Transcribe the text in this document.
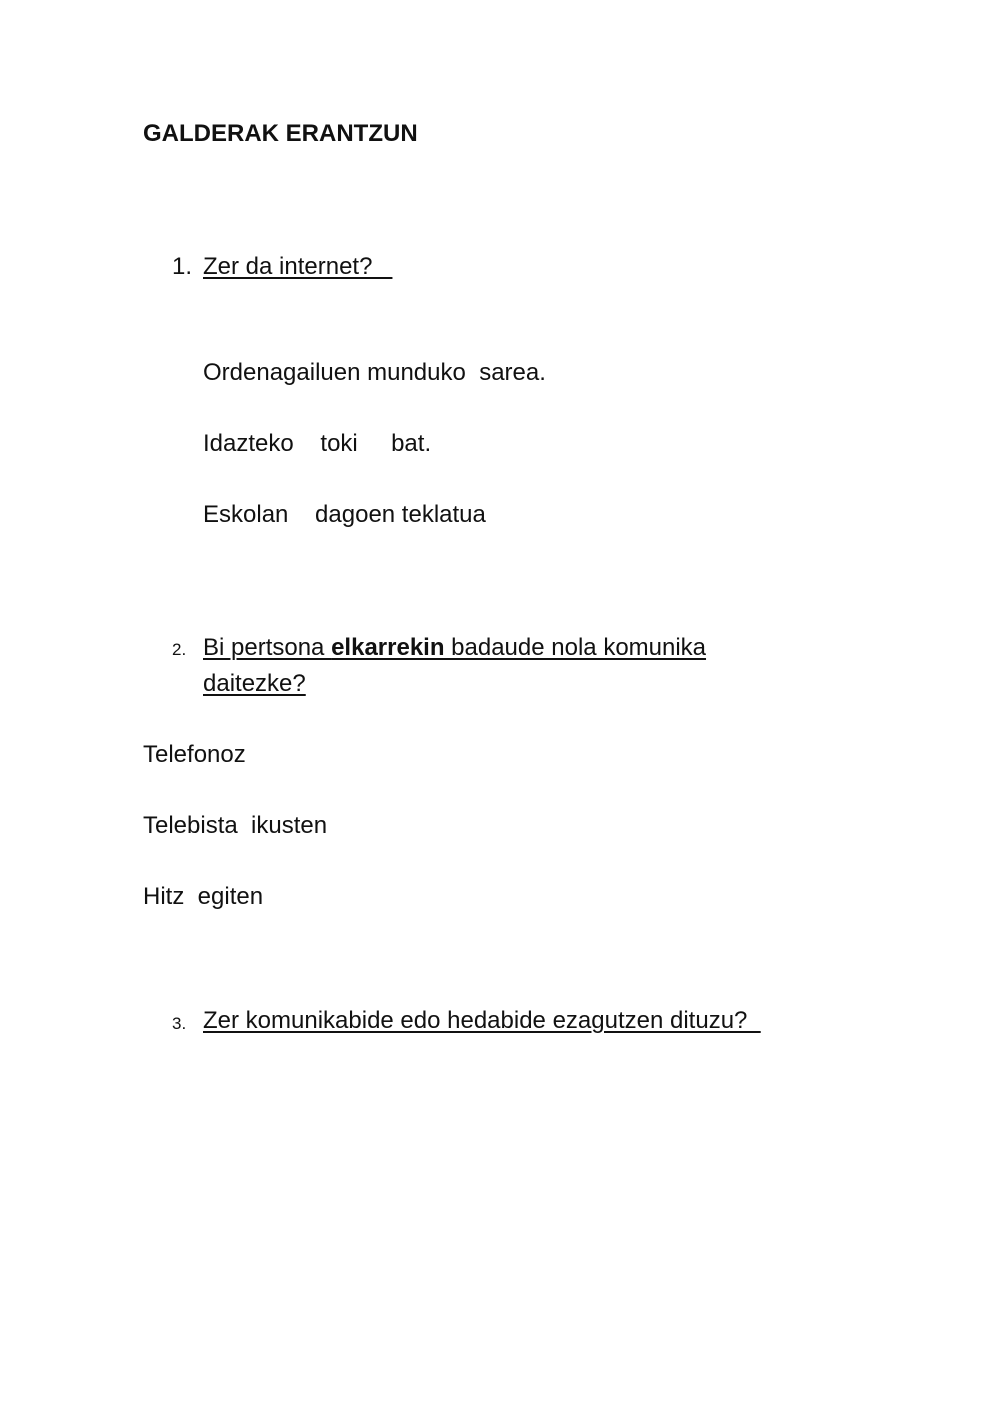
GALDERAK ERANTZUN
1. Zer da internet?_
Ordenagailuen munduko  sarea.
Idazteko    toki     bat.
Eskolan    dagoen teklatua
2. Bi pertsona elkarrekin badaude nola komunika
daitezke?
Telefonoz
Telebista  ikusten
Hitz  egiten
3. Zer komunikabide edo hedabide ezagutzen dituzu?
